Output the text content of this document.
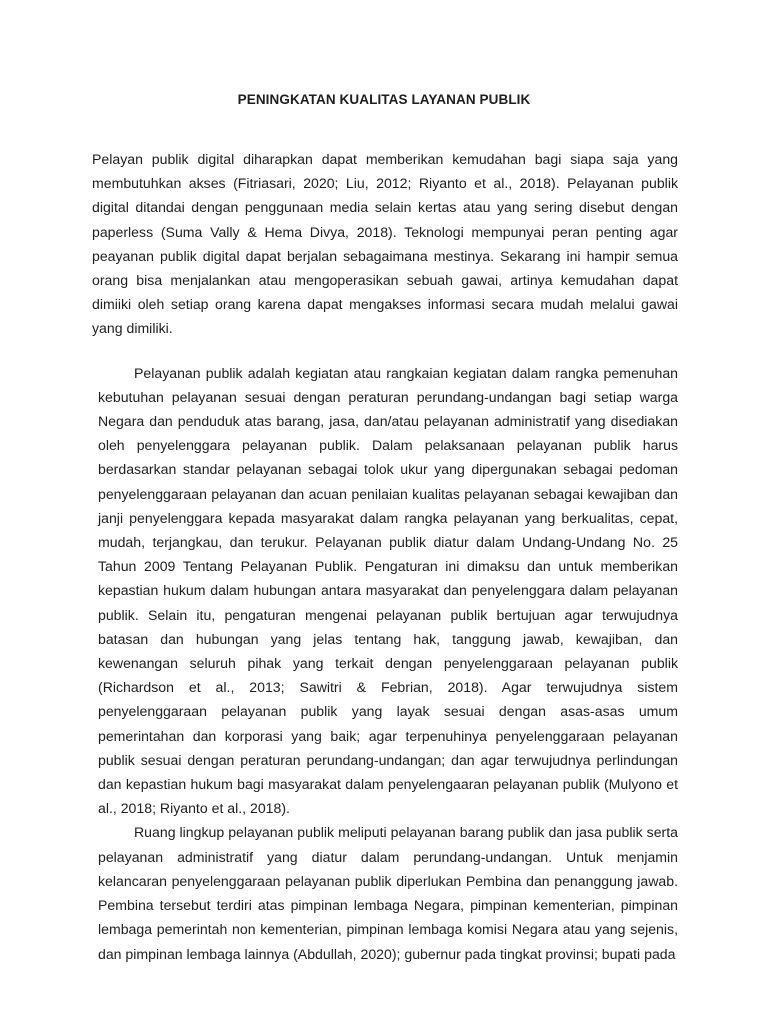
PENINGKATAN KUALITAS LAYANAN PUBLIK

Pelayan publik digital diharapkan dapat memberikan kemudahan bagi siapa saja yang membutuhkan akses (Fitriasari, 2020; Liu, 2012; Riyanto et al., 2018). Pelayanan publik digital ditandai dengan penggunaan media selain kertas atau yang sering disebut dengan paperless (Suma Vally & Hema Divya, 2018). Teknologi mempunyai peran penting agar peayanan publik digital dapat berjalan sebagaimana mestinya. Sekarang ini hampir semua orang bisa menjalankan atau mengoperasikan sebuah gawai, artinya kemudahan dapat dimiiki oleh setiap orang karena dapat mengakses informasi secara mudah melalui gawai yang dimiliki.

Pelayanan publik adalah kegiatan atau rangkaian kegiatan dalam rangka pemenuhan kebutuhan pelayanan sesuai dengan peraturan perundang-undangan bagi setiap warga Negara dan penduduk atas barang, jasa, dan/atau pelayanan administratif yang disediakan oleh penyelenggara pelayanan publik. Dalam pelaksanaan pelayanan publik harus berdasarkan standar pelayanan sebagai tolok ukur yang dipergunakan sebagai pedoman penyelenggaraan pelayanan dan acuan penilaian kualitas pelayanan sebagai kewajiban dan janji penyelenggara kepada masyarakat dalam rangka pelayanan yang berkualitas, cepat, mudah, terjangkau, dan terukur. Pelayanan publik diatur dalam Undang-Undang No. 25 Tahun 2009 Tentang Pelayanan Publik. Pengaturan ini dimaksu dan untuk memberikan kepastian hukum dalam hubungan antara masyarakat dan penyelenggara dalam pelayanan publik. Selain itu, pengaturan mengenai pelayanan publik bertujuan agar terwujudnya batasan dan hubungan yang jelas tentang hak, tanggung jawab, kewajiban, dan kewenangan seluruh pihak yang terkait dengan penyelenggaraan pelayanan publik (Richardson et al., 2013; Sawitri & Febrian, 2018). Agar terwujudnya sistem penyelenggaraan pelayanan publik yang layak sesuai dengan asas-asas umum pemerintahan dan korporasi yang baik; agar terpenuhinya penyelenggaraan pelayanan publik sesuai dengan peraturan perundang-undangan; dan agar terwujudnya perlindungan dan kepastian hukum bagi masyarakat dalam penyelengaaran pelayanan publik (Mulyono et al., 2018; Riyanto et al., 2018).

Ruang lingkup pelayanan publik meliputi pelayanan barang publik dan jasa publik serta pelayanan administratif yang diatur dalam perundang-undangan. Untuk menjamin kelancaran penyelenggaraan pelayanan publik diperlukan Pembina dan penanggung jawab. Pembina tersebut terdiri atas pimpinan lembaga Negara, pimpinan kementerian, pimpinan lembaga pemerintah non kementerian, pimpinan lembaga komisi Negara atau yang sejenis, dan pimpinan lembaga lainnya (Abdullah, 2020); gubernur pada tingkat provinsi; bupati pada
